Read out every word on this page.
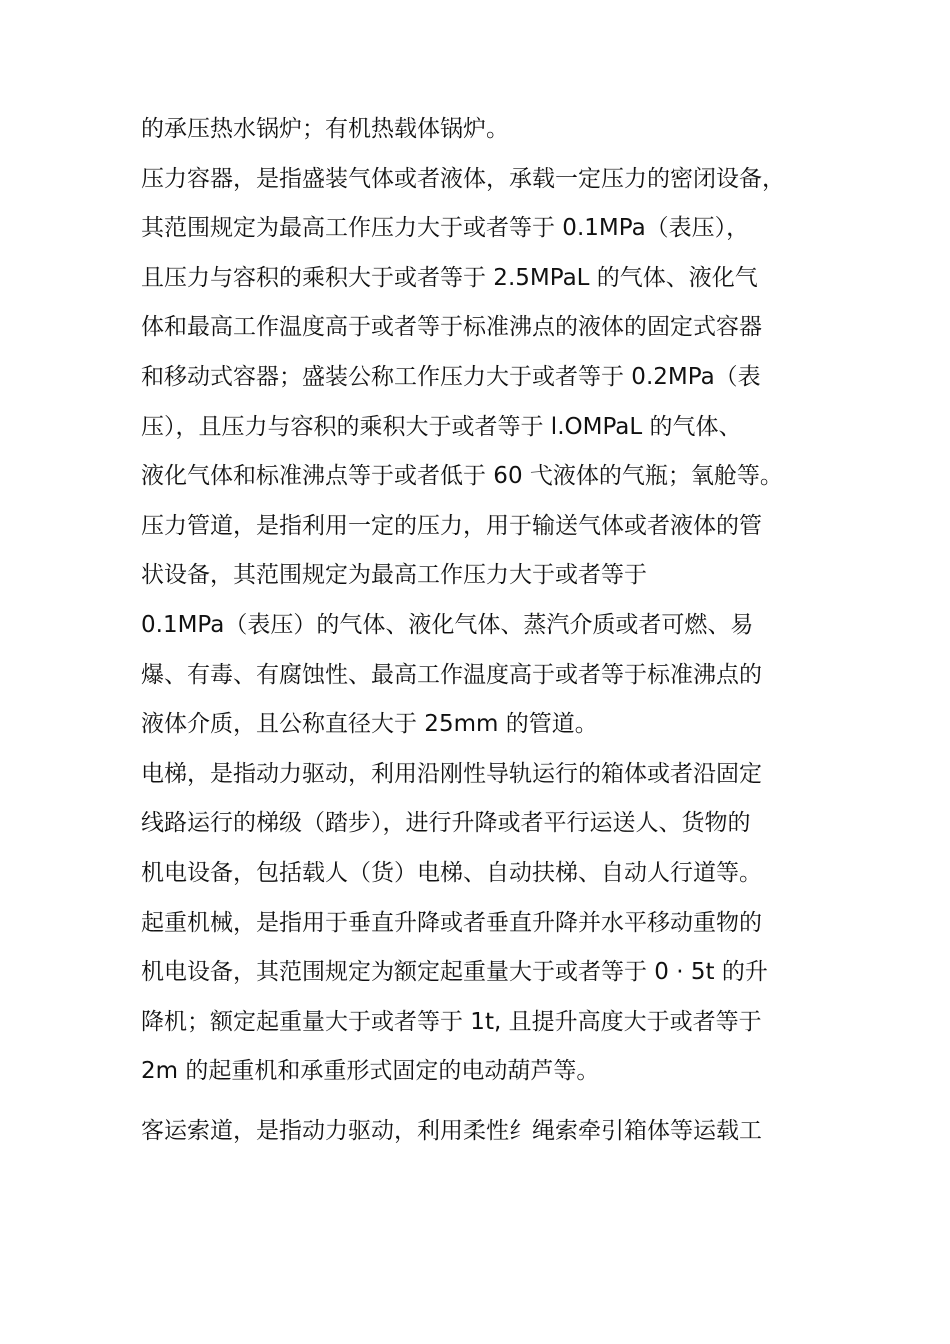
的承压热水锅炉；有机热载体锅炉。
压力容器，是指盛装气体或者液体，承载一定压力的密闭设备，
其范围规定为最高工作压力大于或者等于 0.1MPa（表压），
且压力与容积的乘积大于或者等于 2.5MPaL 的气体、液化气
体和最高工作温度高于或者等于标准沸点的液体的固定式容器
和移动式容器；盛装公称工作压力大于或者等于 0.2MPa（表
压），且压力与容积的乘积大于或者等于 l.OMPaL 的气体、
液化气体和标准沸点等于或者低于 60 弋液体的气瓶；氧舱等。
压力管道，是指利用一定的压力，用于输送气体或者液体的管
状设备，其范围规定为最高工作压力大于或者等于
0.1MPa（表压）的气体、液化气体、蒸汽介质或者可燃、易
爆、有毒、有腐蚀性、最高工作温度高于或者等于标准沸点的
液体介质，且公称直径大于 25mm 的管道。
电梯，是指动力驱动，利用沿刚性导轨运行的箱体或者沿固定
线路运行的梯级（踏步），进行升降或者平行运送人、货物的
机电设备，包括载人（货）电梯、自动扶梯、自动人行道等。
起重机械，是指用于垂直升降或者垂直升降并水平移动重物的
机电设备，其范围规定为额定起重量大于或者等于 0 · 5t 的升
降机；额定起重量大于或者等于 1t, 且提升高度大于或者等于
2m 的起重机和承重形式固定的电动葫芦等。
客运索道，是指动力驱动，利用柔性纟绳索牵引箱体等运载工
